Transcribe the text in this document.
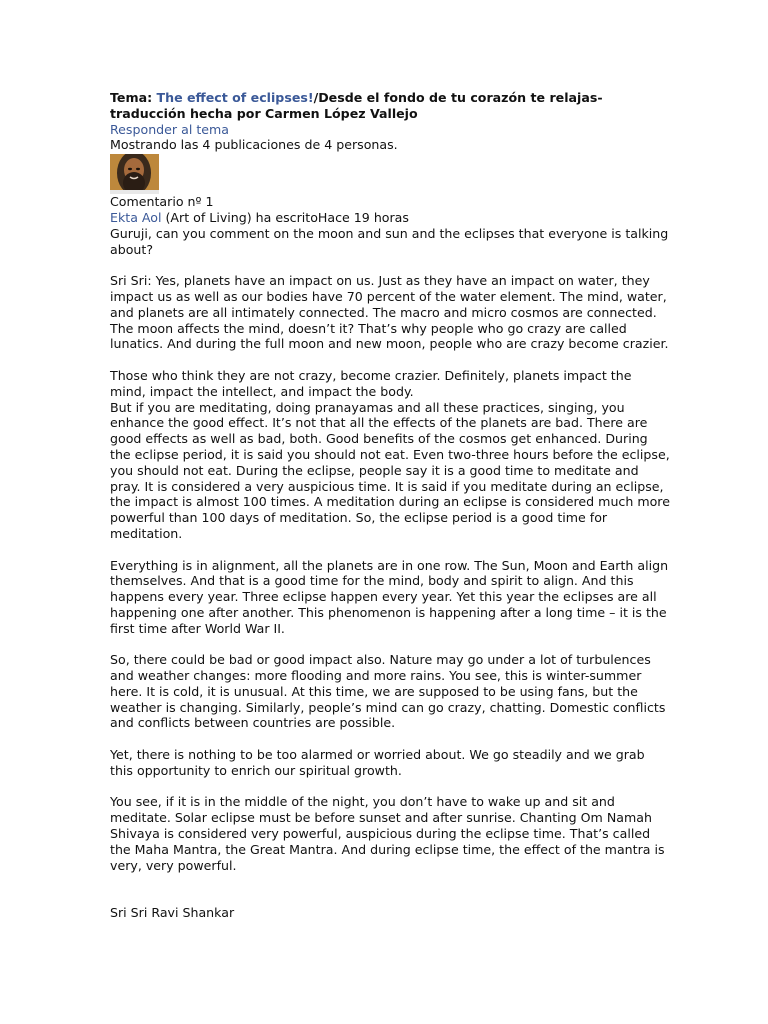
Tema: The effect of eclipses!/Desde el fondo de tu corazón te relajas-traducción hecha por Carmen López Vallejo

Responder al tema
Mostrando las 4 publicaciones de 4 personas.
Comentario nº 1
Ekta Aol (Art of Living) ha escritoHace 19 horas

Guruji, can you comment on the moon and sun and the eclipses that everyone is talking about?

Sri Sri: Yes, planets have an impact on us. Just as they have an impact on water, they impact us as well as our bodies have 70 percent of the water element. The mind, water, and planets are all intimately connected. The macro and micro cosmos are connected. The moon affects the mind, doesn’t it? That’s why people who go crazy are called lunatics. And during the full moon and new moon, people who are crazy become crazier.

Those who think they are not crazy, become crazier. Definitely, planets impact the mind, impact the intellect, and impact the body.

But if you are meditating, doing pranayamas and all these practices, singing, you enhance the good effect. It’s not that all the effects of the planets are bad. There are good effects as well as bad, both. Good benefits of the cosmos get enhanced. During the eclipse period, it is said you should not eat. Even two-three hours before the eclipse, you should not eat. During the eclipse, people say it is a good time to meditate and pray. It is considered a very auspicious time. It is said if you meditate during an eclipse, the impact is almost 100 times. A meditation during an eclipse is considered much more powerful than 100 days of meditation. So, the eclipse period is a good time for meditation.

Everything is in alignment, all the planets are in one row. The Sun, Moon and Earth align themselves. And that is a good time for the mind, body and spirit to align. And this happens every year. Three eclipse happen every year. Yet this year the eclipses are all happening one after another. This phenomenon is happening after a long time – it is the first time after World War II.

So, there could be bad or good impact also. Nature may go under a lot of turbulences and weather changes: more flooding and more rains. You see, this is winter-summer here. It is cold, it is unusual. At this time, we are supposed to be using fans, but the weather is changing. Similarly, people’s mind can go crazy, chatting. Domestic conflicts and conflicts between countries are possible.

Yet, there is nothing to be too alarmed or worried about. We go steadily and we grab this opportunity to enrich our spiritual growth.

You see, if it is in the middle of the night, you don’t have to wake up and sit and meditate. Solar eclipse must be before sunset and after sunrise. Chanting Om Namah Shivaya is considered very powerful, auspicious during the eclipse time. That’s called the Maha Mantra, the Great Mantra. And during eclipse time, the effect of the mantra is very, very powerful.

Sri Sri Ravi Shankar
